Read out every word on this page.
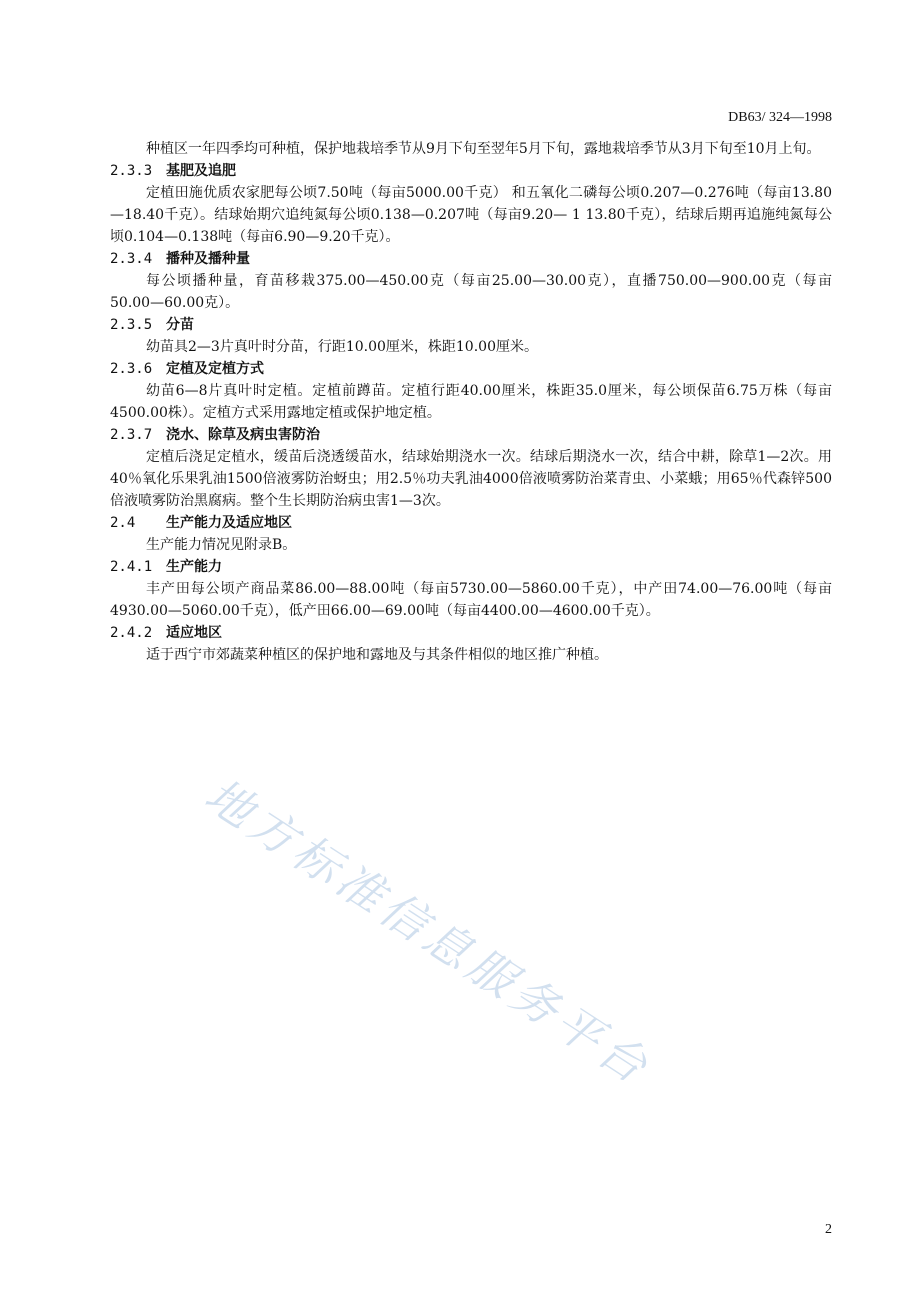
DB63/ 324—1998

种植区一年四季均可种植，保护地栽培季节从9月下旬至翌年5月下旬，露地栽培季节从3月下旬至10月上旬。

2.3.3 基肥及追肥

定植田施优质农家肥每公顷7.50吨（每亩5000.00千克） 和五氧化二磷每公顷0.207—0.276吨（每亩13.80—18.40千克）。结球始期穴追纯氮每公顷0.138—0.207吨（每亩9.20— 1 13.80千克），结球后期再追施纯氮每公顷0.104—0.138吨（每亩6.90—9.20千克）。

2.3.4 播种及播种量

每公顷播种量，育苗移栽375.00—450.00克（每亩25.00—30.00克），直播750.00—900.00克（每亩50.00—60.00克）。

2.3.5 分苗

幼苗具2—3片真叶时分苗，行距10.00厘米，株距10.00厘米。

2.3.6 定植及定植方式

幼苗6—8片真叶时定植。定植前蹲苗。定植行距40.00厘米，株距35.0厘米，每公顷保苗6.75万株（每亩4500.00株）。定植方式采用露地定植或保护地定植。

2.3.7 浇水、除草及病虫害防治

定植后浇足定植水，缓苗后浇透缓苗水，结球始期浇水一次。结球后期浇水一次，结合中耕，除草1—2次。用40％氧化乐果乳油1500倍液雾防治蚜虫；用2.5％功夫乳油4000倍液喷雾防治菜青虫、小菜蛾；用65％代森锌500倍液喷雾防治黑腐病。整个生长期防治病虫害1—3次。

2.4 生产能力及适应地区

生产能力情况见附录B。

2.4.1 生产能力

丰产田每公顷产商品菜86.00—88.00吨（每亩5730.00—5860.00千克），中产田74.00—76.00吨（每亩4930.00—5060.00千克），低产田66.00—69.00吨（每亩4400.00—4600.00千克）。

2.4.2 适应地区

适于西宁市郊蔬菜种植区的保护地和露地及与其条件相似的地区推广种植。

地方标准信息服务平台
2
